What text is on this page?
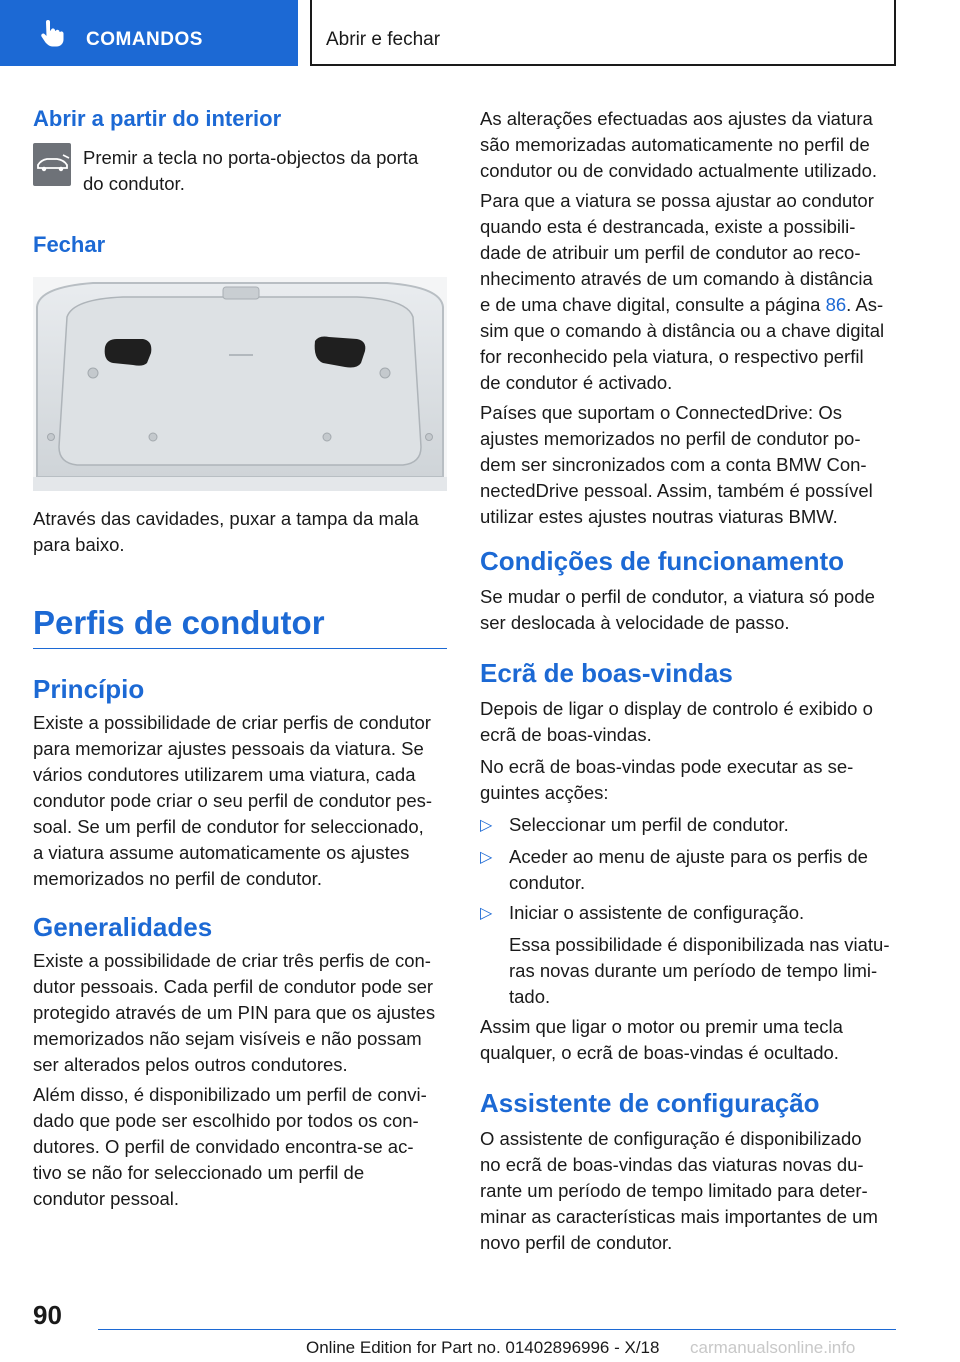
COMANDOS	Abrir e fechar
Abrir a partir do interior
Premir a tecla no porta-objectos da porta
do condutor.
Fechar
Através das cavidades, puxar a tampa da mala
para baixo.
Perfis de condutor
Princípio
Existe a possibilidade de criar perfis de condutor
para memorizar ajustes pessoais da viatura. Se
vários condutores utilizarem uma viatura, cada
condutor pode criar o seu perfil de condutor pes-
soal. Se um perfil de condutor for seleccionado,
a viatura assume automaticamente os ajustes
memorizados no perfil de condutor.
Generalidades
Existe a possibilidade de criar três perfis de con-
dutor pessoais. Cada perfil de condutor pode ser
protegido através de um PIN para que os ajustes
memorizados não sejam visíveis e não possam
ser alterados pelos outros condutores.
Além disso, é disponibilizado um perfil de convi-
dado que pode ser escolhido por todos os con-
dutores. O perfil de convidado encontra-se ac-
tivo se não for seleccionado um perfil de
condutor pessoal.
As alterações efectuadas aos ajustes da viatura
são memorizadas automaticamente no perfil de
condutor ou de convidado actualmente utilizado.
Para que a viatura se possa ajustar ao condutor
quando esta é destrancada, existe a possibili-
dade de atribuir um perfil de condutor ao reco-
nhecimento através de um comando à distância
e de uma chave digital, consulte a página 86. As-
sim que o comando à distância ou a chave digital
for reconhecido pela viatura, o respectivo perfil
de condutor é activado.
Países que suportam o ConnectedDrive: Os
ajustes memorizados no perfil de condutor po-
dem ser sincronizados com a conta BMW Con-
nectedDrive pessoal. Assim, também é possível
utilizar estes ajustes noutras viaturas BMW.
Condições de funcionamento
Se mudar o perfil de condutor, a viatura só pode
ser deslocada à velocidade de passo.
Ecrã de boas-vindas
Depois de ligar o display de controlo é exibido o
ecrã de boas-vindas.
No ecrã de boas-vindas pode executar as se-
guintes acções:
▷ Seleccionar um perfil de condutor.
▷ Aceder ao menu de ajuste para os perfis de
condutor.
▷ Iniciar o assistente de configuração.
Essa possibilidade é disponibilizada nas viatu-
ras novas durante um período de tempo limi-
tado.
Assim que ligar o motor ou premir uma tecla
qualquer, o ecrã de boas-vindas é ocultado.
Assistente de configuração
O assistente de configuração é disponibilizado
no ecrã de boas-vindas das viaturas novas du-
rante um período de tempo limitado para deter-
minar as características mais importantes de um
novo perfil de condutor.
90
Online Edition for Part no. 01402896996 - X/18 carmanualsonline.info
